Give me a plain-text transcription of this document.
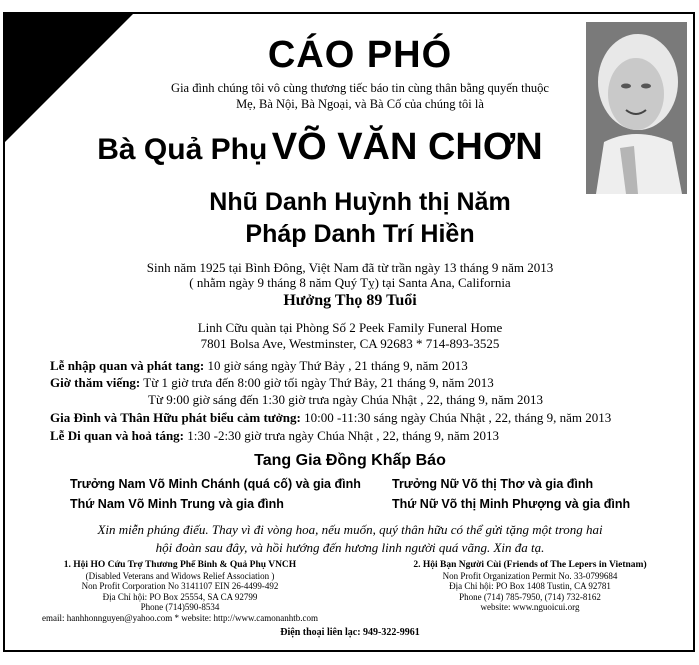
CÁO PHÓ
Gia đình chúng tôi vô cùng thương tiếc báo tin cùng thân bằng quyến thuộc
Mẹ, Bà Nội, Bà Ngoại, và Bà Cố của chúng tôi là
Bà Quả Phụ VÕ VĂN CHƠN
Nhũ Danh Huỳnh thị Năm
Pháp Danh Trí Hiền
Sinh năm 1925 tại Bình Đông, Việt Nam đã từ trần ngày 13 tháng 9 năm 2013
( nhằm ngày 9 tháng 8 năm Quý Tỵ) tại Santa Ana, California
Hưởng Thọ 89 Tuổi
Linh Cữu quàn tại Phòng Số 2 Peek Family Funeral Home
7801 Bolsa Ave, Westminster, CA 92683 * 714-893-3525
Lễ nhập quan và phát tang: 10 giờ sáng ngày Thứ Bảy , 21 tháng 9, năm 2013
Giờ thăm viếng: Từ 1 giờ trưa đến 8:00 giờ tối ngày Thứ Bảy, 21 tháng 9, năm 2013
Từ 9:00 giờ sáng đến 1:30 giờ trưa ngày Chúa Nhật , 22, tháng 9, năm 2013
Gia Đình và Thân Hữu phát biểu cảm tưởng: 10:00 -11:30 sáng ngày Chúa Nhật , 22, tháng 9, năm 2013
Lễ Di quan và hoả táng: 1:30 -2:30 giờ trưa ngày Chúa Nhật , 22, tháng 9, năm 2013
Tang Gia Đồng Khấp Báo
Trưởng Nam Võ Minh Chánh (quá cố) và gia đình Trưởng Nữ Võ thị Thơ và gia đình
Thứ Nam Võ Minh Trung và gia đình	Thứ Nữ Võ thị Minh Phượng và gia đình
Xin miễn phúng điếu. Thay vì đi vòng hoa, nếu muốn, quý thân hữu có thể gửi tặng một trong hai
hội đoàn sau đây, và hồi hướng đến hương linh người quá vãng. Xin đa tạ.
1. Hội HO Cứu Trợ Thương Phế Binh & Quả Phụ VNCH
(Disabled Veterans and Widows Relief Association )
Non Profit Corporation No 3141107 EIN 26-4499-492
Địa Chỉ hội: PO Box 25554, SA CA 92799
Phone (714)590-8534
email: hanhhonnguyen@yahoo.com * website: http://www.camonanhtb.com
2. Hội Bạn Người Cùi (Friends of The Lepers in Vietnam)
Non Profit Organization Permit No. 33-0799684
Địa Chỉ hội: PO Box 1408 Tustin, CA 92781
Phone (714) 785-7950, (714) 732-8162
website: www.nguoicui.org
Điện thoại liên lạc: 949-322-9961
